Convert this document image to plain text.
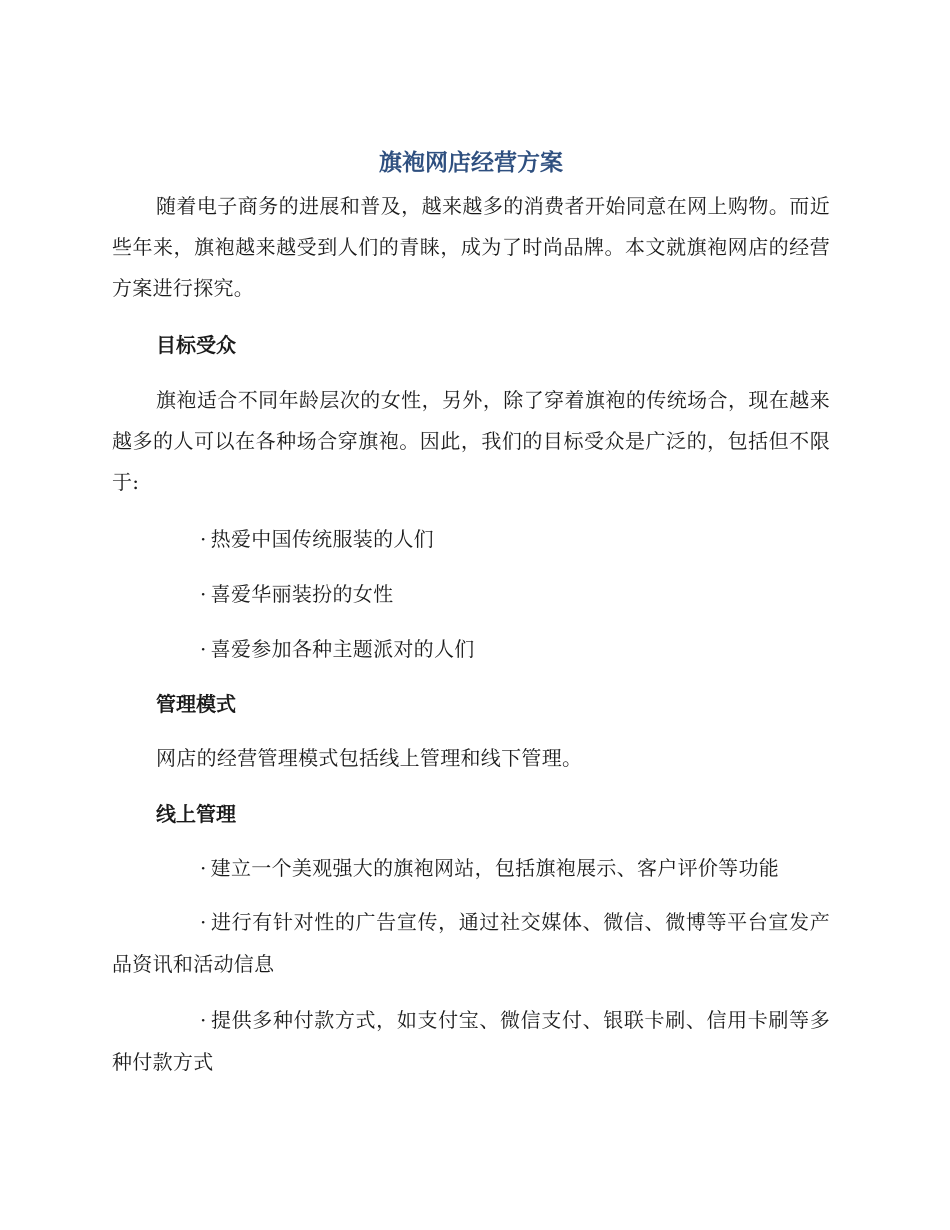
旗袍网店经营方案
随着电子商务的进展和普及，越来越多的消费者开始同意在网上购物。而近些年来，旗袍越来越受到人们的青睐，成为了时尚品牌。本文就旗袍网店的经营方案进行探究。
目标受众
旗袍适合不同年龄层次的女性，另外，除了穿着旗袍的传统场合，现在越来越多的人可以在各种场合穿旗袍。因此，我们的目标受众是广泛的，包括但不限于:
· 热爱中国传统服装的人们
· 喜爱华丽装扮的女性
· 喜爱参加各种主题派对的人们
管理模式
网店的经营管理模式包括线上管理和线下管理。
线上管理
· 建立一个美观强大的旗袍网站，包括旗袍展示、客户评价等功能
· 进行有针对性的广告宣传，通过社交媒体、微信、微博等平台宣发产品资讯和活动信息
· 提供多种付款方式，如支付宝、微信支付、银联卡刷、信用卡刷等多种付款方式
